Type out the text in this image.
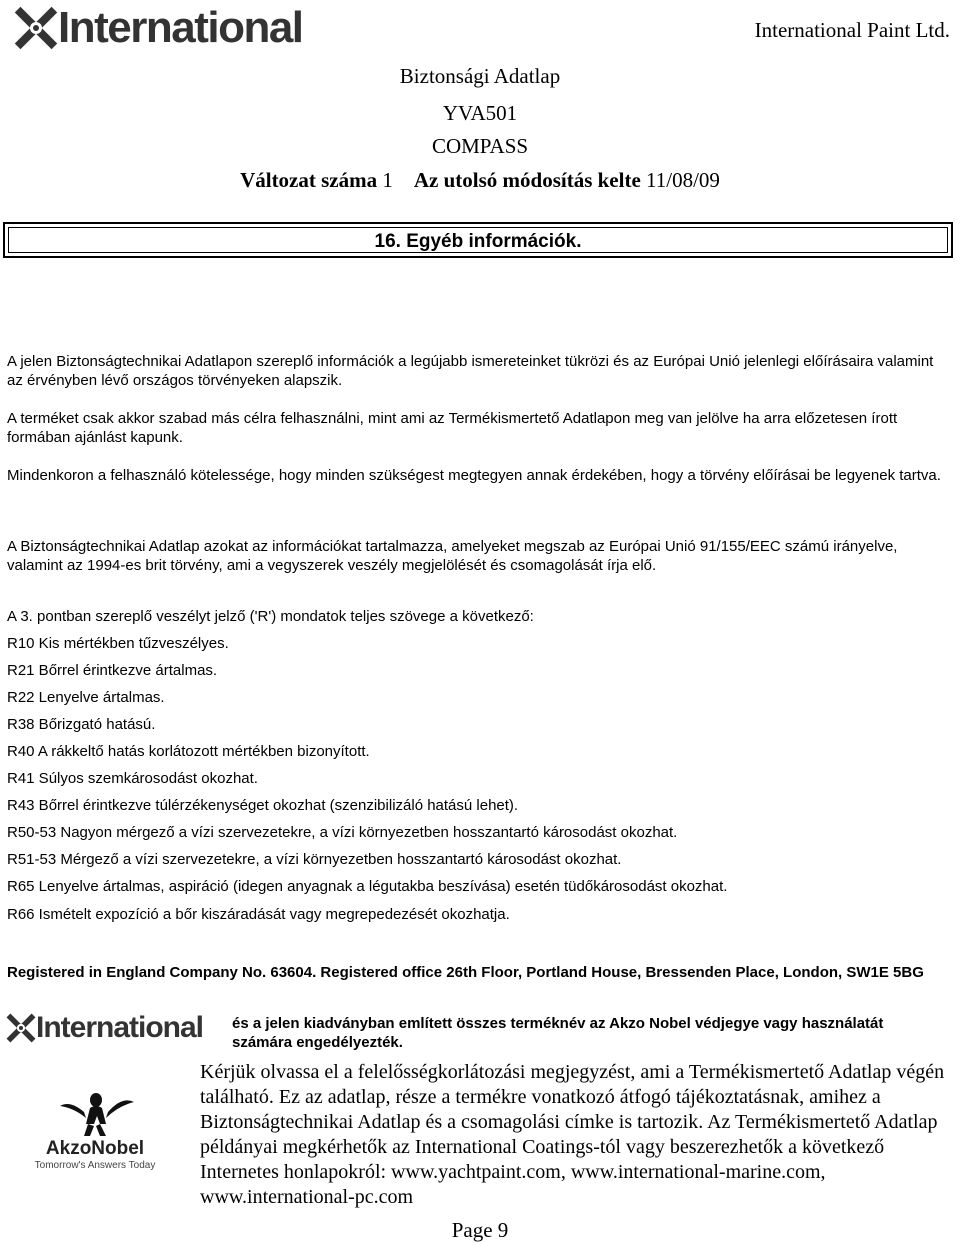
International	International Paint Ltd.
Biztonsági Adatlap
YVA501
COMPASS
Változat száma 1 Az utolsó módosítás kelte 11/08/09
16. Egyéb információk.
A jelen Biztonságtechnikai Adatlapon szereplő információk a legújabb ismereteinket tükrözi és az Európai Unió jelenlegi előírásaira valamint az érvényben lévő országos törvényeken alapszik.
A terméket csak akkor szabad más célra felhasználni, mint ami az Termékismertető Adatlapon meg van jelölve ha arra előzetesen írott formában ajánlást kapunk.
Mindenkoron a felhasználó kötelessége, hogy minden szükségest megtegyen annak érdekében, hogy a törvény előírásai be legyenek tartva.
A Biztonságtechnikai Adatlap azokat az információkat tartalmazza, amelyeket megszab az Európai Unió 91/155/EEC számú irányelve, valamint az 1994-es brit törvény, ami a vegyszerek veszély megjelölését és csomagolását írja elő.
A 3. pontban szereplő veszélyt jelző ('R') mondatok teljes szövege a következő:
R10 Kis mértékben tűzveszélyes.
R21 Bőrrel érintkezve ártalmas.
R22 Lenyelve ártalmas.
R38 Bőrizgató hatású.
R40 A rákkeltő hatás korlátozott mértékben bizonyított.
R41 Súlyos szemkárosodást okozhat.
R43 Bőrrel érintkezve túlérzékenységet okozhat (szenzibilizáló hatású lehet).
R50-53 Nagyon mérgező a vízi szervezetekre, a vízi környezetben hosszantartó károsodást okozhat.
R51-53 Mérgező a vízi szervezetekre, a vízi környezetben hosszantartó károsodást okozhat.
R65 Lenyelve ártalmas, aspiráció (idegen anyagnak a légutakba beszívása) esetén tüdőkárosodást okozhat.
R66 Ismételt expozíció a bőr kiszáradását vagy megrepedezését okozhatja.
Registered in England Company No. 63604. Registered office 26th Floor, Portland House, Bressenden Place, London, SW1E 5BG
International és a jelen kiadványban említett összes terméknév az Akzo Nobel védjegye vagy használatát számára engedélyezték.
AkzoNobel
Tomorrow's Answers Today
Kérjük olvassa el a felelősségkorlátozási megjegyzést, ami a Termékismertető Adatlap végén található. Ez az adatlap, része a termékre vonatkozó átfogó tájékoztatásnak, amihez a Biztonságtechnikai Adatlap és a csomagolási címke is tartozik. Az Termékismertető Adatlap példányai megkérhetők az International Coatings-tól vagy beszerezhetők a következő Internetes honlapokról: www.yachtpaint.com, www.international-marine.com, www.international-pc.com
Page 9
